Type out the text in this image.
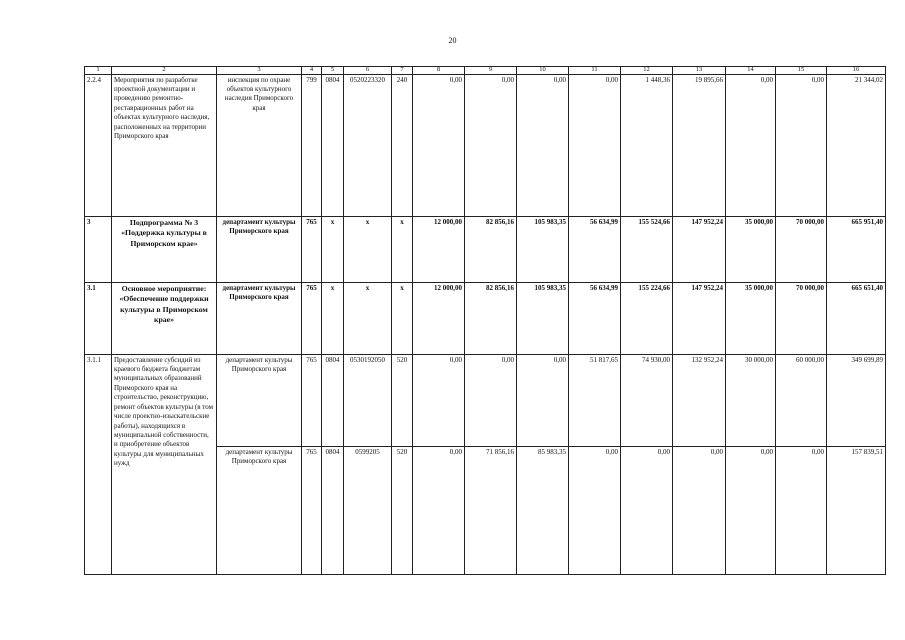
20
1	2	3	4	5	6	7	8	9	10	11	12	13	14	15	16
2.2.4	Мероприятия по разработке проектной документации и проведению ремонтно-реставрационных работ на объектах культурного наследия, расположенных на территории Приморского края	инспекция по охране объектов культурного наследия Приморского края	799	0804	0520223320	240	0,00	0,00	0,00	0,00	1 448,36	19 895,66	0,00	0,00	21 344,02
3	Подпрограмма № 3 «Поддержка культуры в Приморском крае»	департамент культуры Приморского края	765	x	x	x	12 000,00	82 856,16	105 983,35	56 634,99	155 524,66	147 952,24	35 000,00	70 000,00	665 951,40
3.1	Основное мероприятие: «Обеспечение поддержки культуры в Приморском крае»	департамент культуры Приморского края	765	x	x	x	12 000,00	82 856,16	105 983,35	56 634,99	155 224,66	147 952,24	35 000,00	70 000,00	665 651,40
3.1.1	Предоставление субсидий из краевого бюджета бюджетам муниципальных образований Приморского края на строительство, реконструкцию, ремонт объектов культуры (в том числе проектно-изыскательские работы), находящихся в муниципальной собственности, и приобретение объектов культуры для муниципальных нужд	департамент культуры Приморского края	765	0804	0530192050	520	0,00	0,00	0,00	51 817,65	74 930,00	132 952,24	30 000,00	60 000,00	349 699,89
		департамент культуры Приморского края	765	0804	0599205	520	0,00	71 856,16	85 983,35	0,00	0,00	0,00	0,00	0,00	157 839,51
